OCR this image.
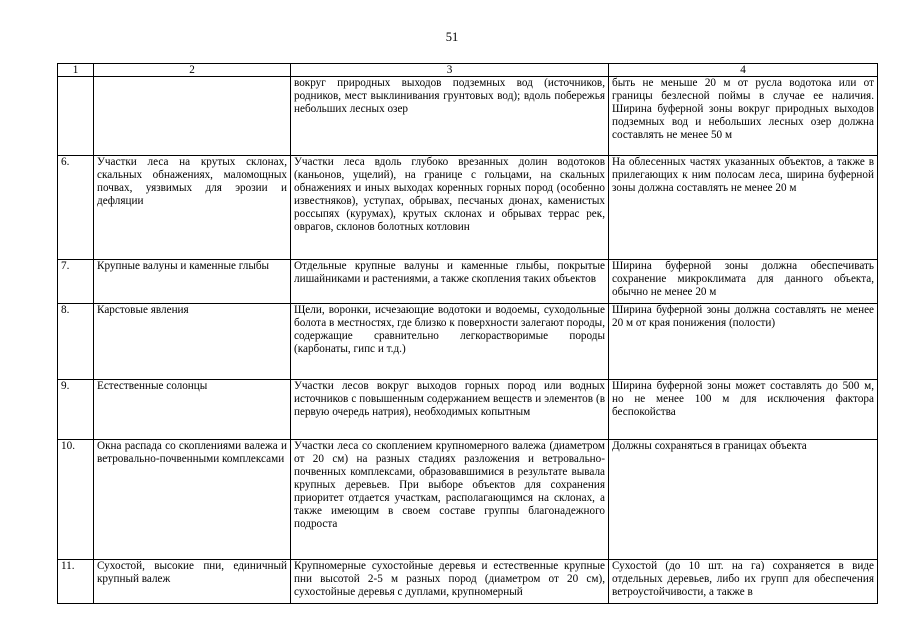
51
1	2	3	4
		вокруг природных выходов подземных вод (источников, родников, мест выклинивания грунтовых вод); вдоль побережья небольших лесных озер	быть не меньше 20 м от русла водотока или от границы безлесной поймы в случае ее наличия. Ширина буферной зоны вокруг природных выходов подземных вод и небольших лесных озер должна составлять не менее 50 м
6.	Участки леса на крутых склонах, скальных обнажениях, маломощных почвах, уязвимых для эрозии и дефляции	Участки леса вдоль глубоко врезанных долин водотоков (каньонов, ущелий), на границе с гольцами, на скальных обнажениях и иных выходах коренных горных пород (особенно известняков), уступах, обрывах, песчаных дюнах, каменистых россыпях (курумах), крутых склонах и обрывах террас рек, оврагов, склонов болотных котловин	На облесенных частях указанных объектов, а также в прилегающих к ним полосам леса, ширина буферной зоны должна составлять не менее 20 м
7.	Крупные валуны и каменные глыбы	Отдельные крупные валуны и каменные глыбы, покрытые лишайниками и растениями, а также скопления таких объектов	Ширина буферной зоны должна обеспечивать сохранение микроклимата для данного объекта, обычно не менее 20 м
8.	Карстовые явления	Щели, воронки, исчезающие водотоки и водоемы, суходольные болота в местностях, где близко к поверхности залегают породы, содержащие сравнительно легкорастворимые породы (карбонаты, гипс и т.д.)	Ширина буферной зоны должна составлять не менее 20 м от края понижения (полости)
9.	Естественные солонцы	Участки лесов вокруг выходов горных пород или водных источников с повышенным содержанием веществ и элементов (в первую очередь натрия), необходимых копытным	Ширина буферной зоны может составлять до 500 м, но не менее 100 м для исключения фактора беспокойства
10.	Окна распада со скоплениями валежа и ветровально-почвенными комплексами	Участки леса со скоплением крупномерного валежа (диаметром от 20 см) на разных стадиях разложения и ветровально-почвенных комплексами, образовавшимися в результате вывала крупных деревьев. При выборе объектов для сохранения приоритет отдается участкам, располагающимся на склонах, а также имеющим в своем составе группы благонадежного подроста	Должны сохраняться в границах объекта
11.	Сухостой, высокие пни, единичный крупный валеж	Крупномерные сухостойные деревья и естественные крупные пни высотой 2-5 м разных пород (диаметром от 20 см), сухостойные деревья с дуплами, крупномерный	Сухостой (до 10 шт. на га) сохраняется в виде отдельных деревьев, либо их групп для обеспечения ветроустойчивости, а также в
